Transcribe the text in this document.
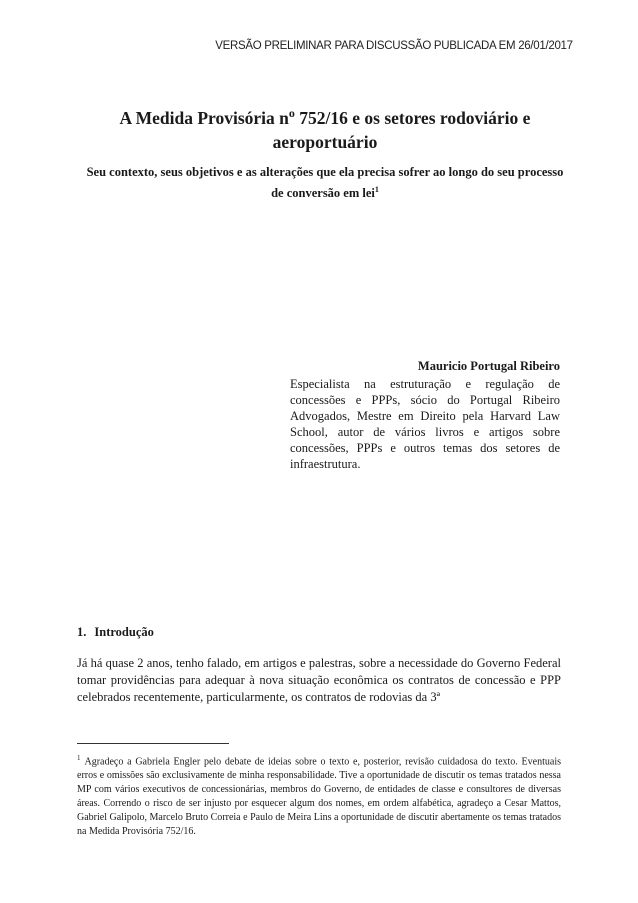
VERSÃO PRELIMINAR PARA DISCUSSÃO PUBLICADA EM 26/01/2017
A Medida Provisória $n^o$ 752/16 e os setores rodoviário e aeroportuário
Seu contexto, seus objetivos e as alterações que ela precisa sofrer ao longo do seu processo de conversão em lei$^1$
Mauricio Portugal Ribeiro
Especialista na estruturação e regulação de concessões e PPPs, sócio do Portugal Ribeiro Advogados, Mestre em Direito pela Harvard Law School, autor de vários livros e artigos sobre concessões, PPPs e outros temas dos setores de infraestrutura.
1. Introdução
Já há quase 2 anos, tenho falado, em artigos e palestras, sobre a necessidade do Governo Federal tomar providências para adequar à nova situação econômica os contratos de concessão e PPP celebrados recentemente, particularmente, os contratos de rodovias da 3ª
$^1$ Agradeço a Gabriela Engler pelo debate de ideias sobre o texto e, posterior, revisão cuidadosa do texto. Eventuais erros e omissões são exclusivamente de minha responsabilidade. Tive a oportunidade de discutir os temas tratados nessa MP com vários executivos de concessionárias, membros do Governo, de entidades de classe e consultores de diversas áreas. Correndo o risco de ser injusto por esquecer algum dos nomes, em ordem alfabética, agradeço a Cesar Mattos, Gabriel Galipolo, Marcelo Bruto Correia e Paulo de Meira Lins a oportunidade de discutir abertamente os temas tratados na Medida Provisória 752/16.
